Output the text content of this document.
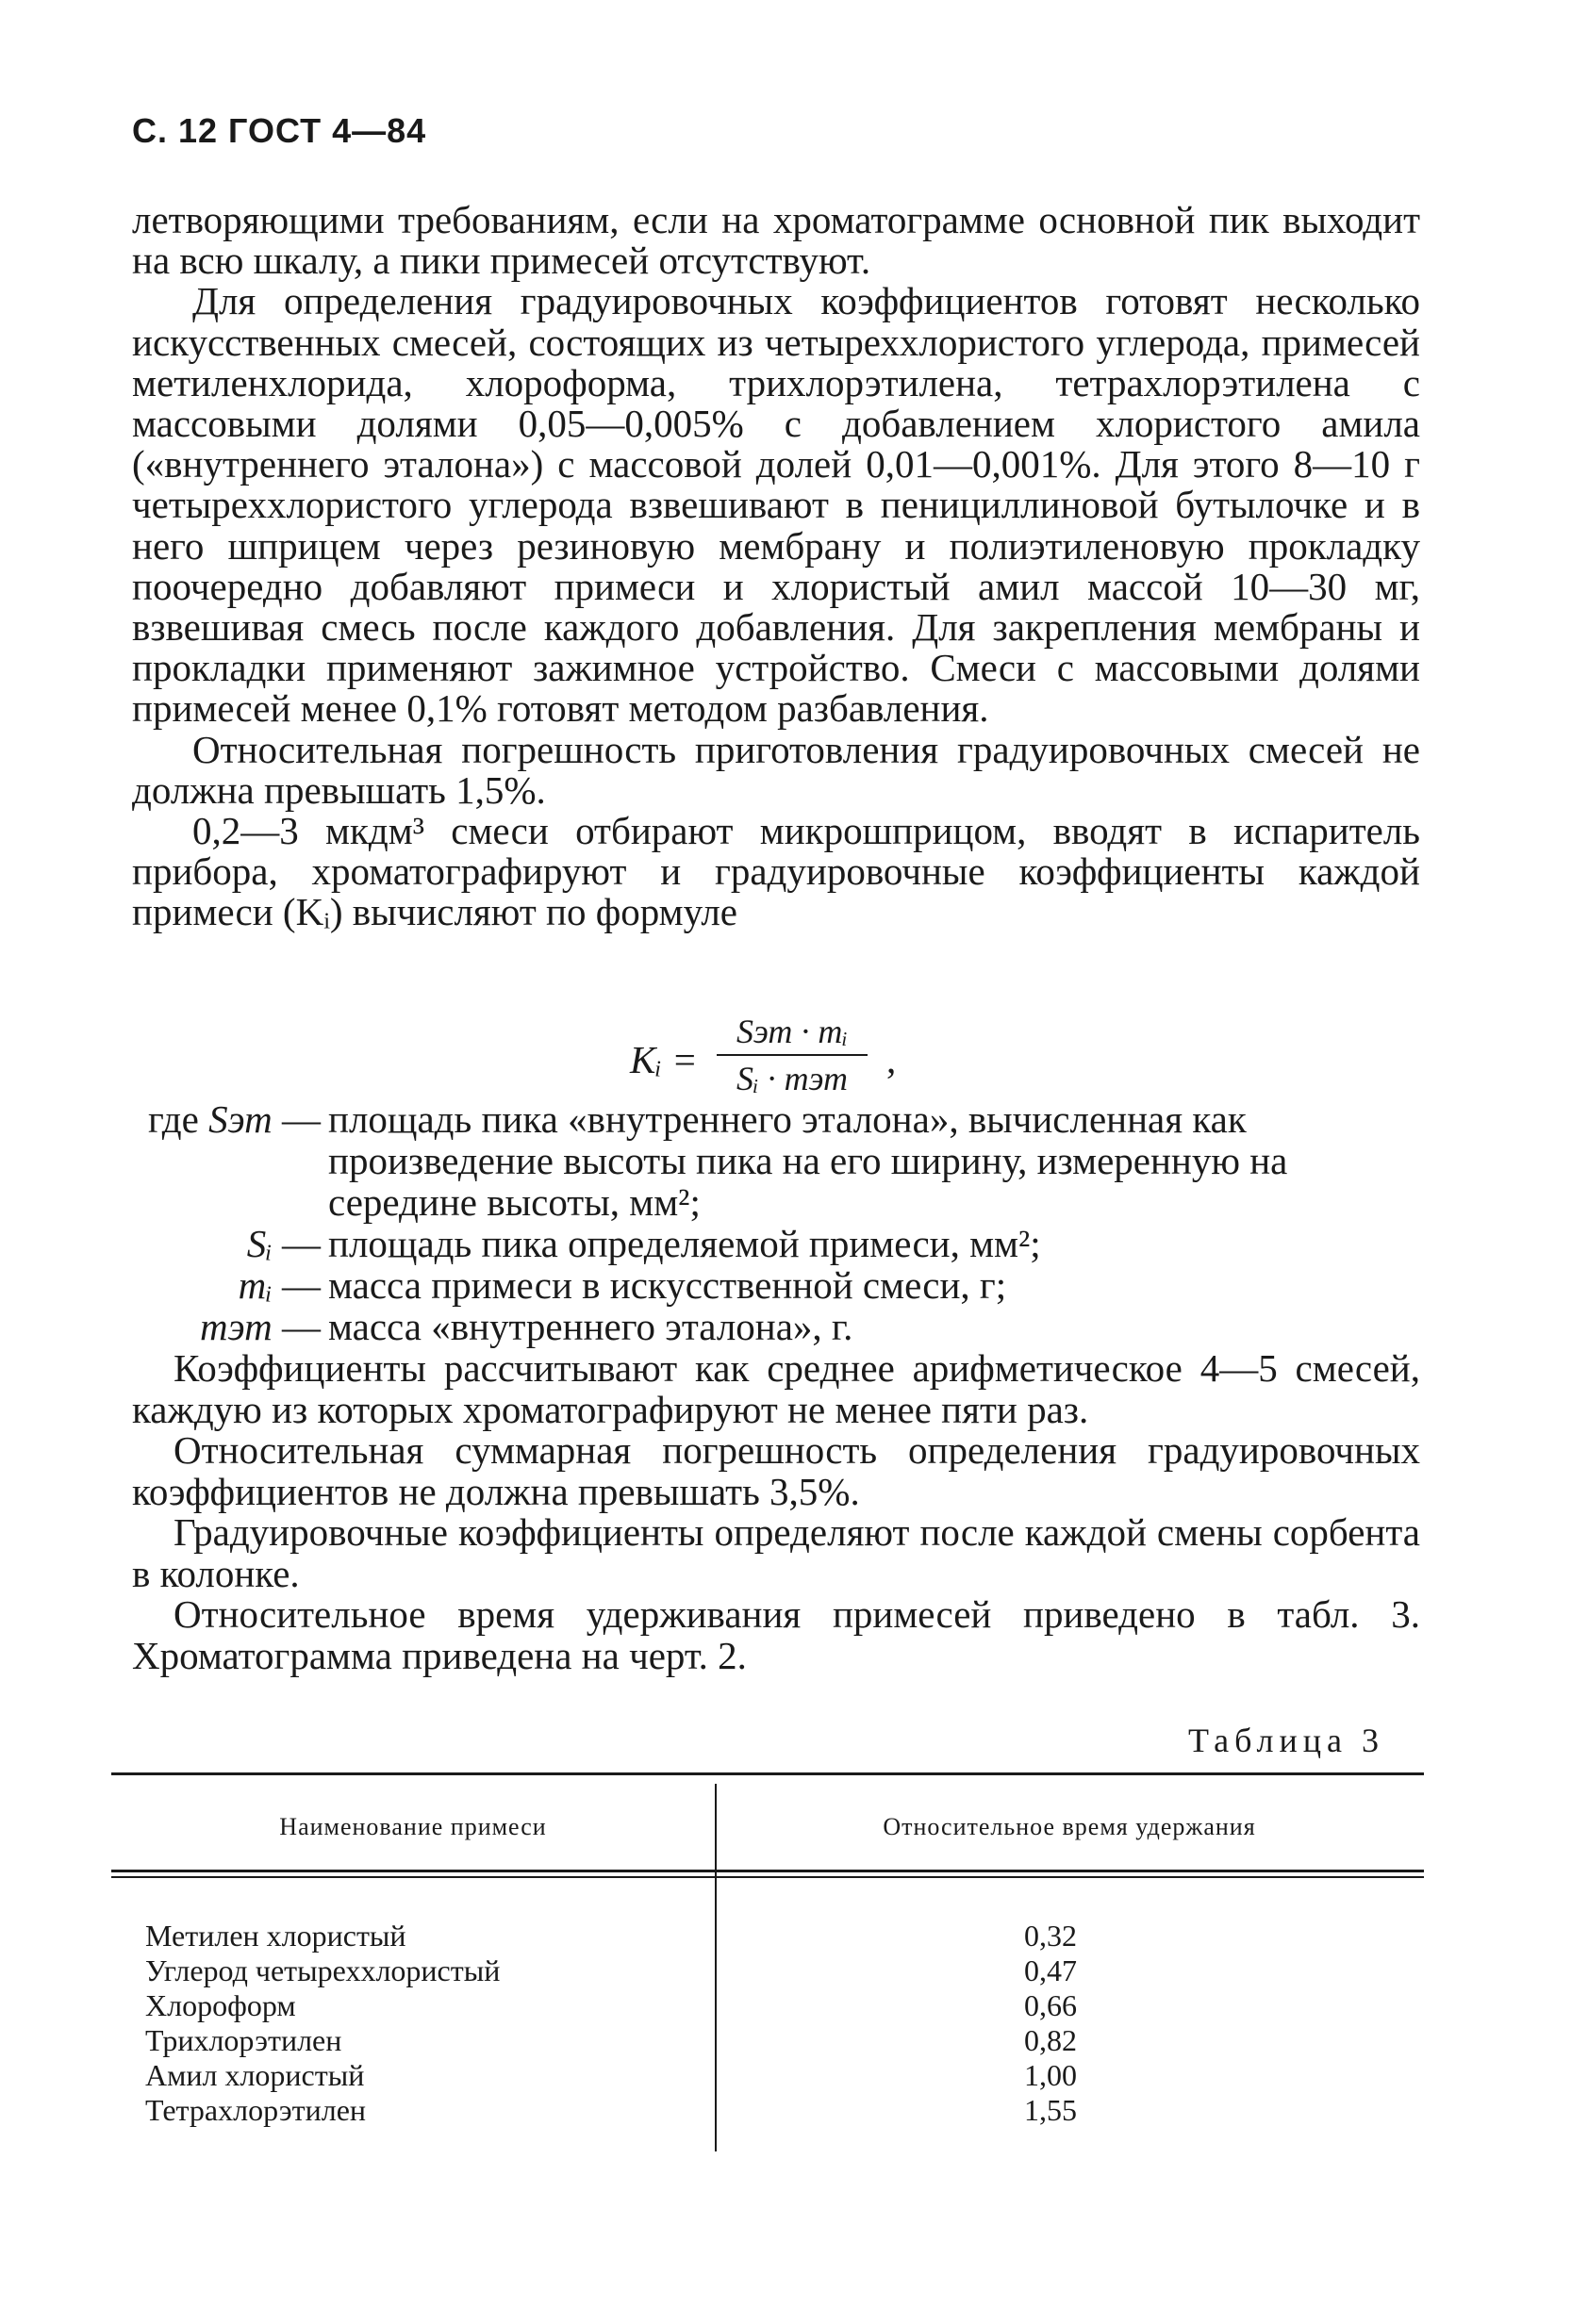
С. 12 ГОСТ 4—84

летворяющими требованиям, если на хроматограмме основной пик выходит на всю шкалу, а пики примесей отсутствуют.

Для определения градуировочных коэффициентов готовят несколько искусственных смесей, состоящих из четыреххлористого углерода, примесей метиленхлорида, хлороформа, трихлорэтилена, тетрахлорэтилена с массовыми долями 0,05—0,005% с добавлением хлористого амила («внутреннего эталона») с массовой долей 0,01—0,001%. Для этого 8—10 г четыреххлористого углерода взвешивают в пенициллиновой бутылочке и в него шприцем через резиновую мембрану и полиэтиленовую прокладку поочередно добавляют примеси и хлористый амил массой 10—30 мг, взвешивая смесь после каждого добавления. Для закрепления мембраны и прокладки применяют зажимное устройство. Смеси с массовыми долями примесей менее 0,1% готовят методом разбавления.

Относительная погрешность приготовления градуировочных смесей не должна превышать 1,5%.

0,2—3 мкдм³ смеси отбирают микрошприцом, вводят в испаритель прибора, хроматографируют и градуировочные коэффициенты каждой примеси (Kᵢ) вычисляют по формуле

Kᵢ =
Sэт · mᵢ
Sᵢ · mэт ,
где Sэт — площадь пика «внутреннего эталона», вычисленная как произведение высоты пика на его ширину, измеренную на середине высоты, мм²;
Sᵢ — площадь пика определяемой примеси, мм²;
mᵢ — масса примеси в искусственной смеси, г;
mэт — масса «внутреннего эталона», г.

Коэффициенты рассчитывают как среднее арифметическое 4—5 смесей, каждую из которых хроматографируют не менее пяти раз.

Относительная суммарная погрешность определения градуировочных коэффициентов не должна превышать 3,5%.

Градуировочные коэффициенты определяют после каждой смены сорбента в колонке.

Относительное время удерживания примесей приведено в табл. 3. Хроматограмма приведена на черт. 2.

Таблица 3
Наименование примеси	Относительное время удержания
Метилен хлористый	0,32
Углерод четыреххлористый	0,47
Хлороформ	0,66
Трихлорэтилен	0,82
Амил хлористый	1,00
Тетрахлорэтилен	1,55
